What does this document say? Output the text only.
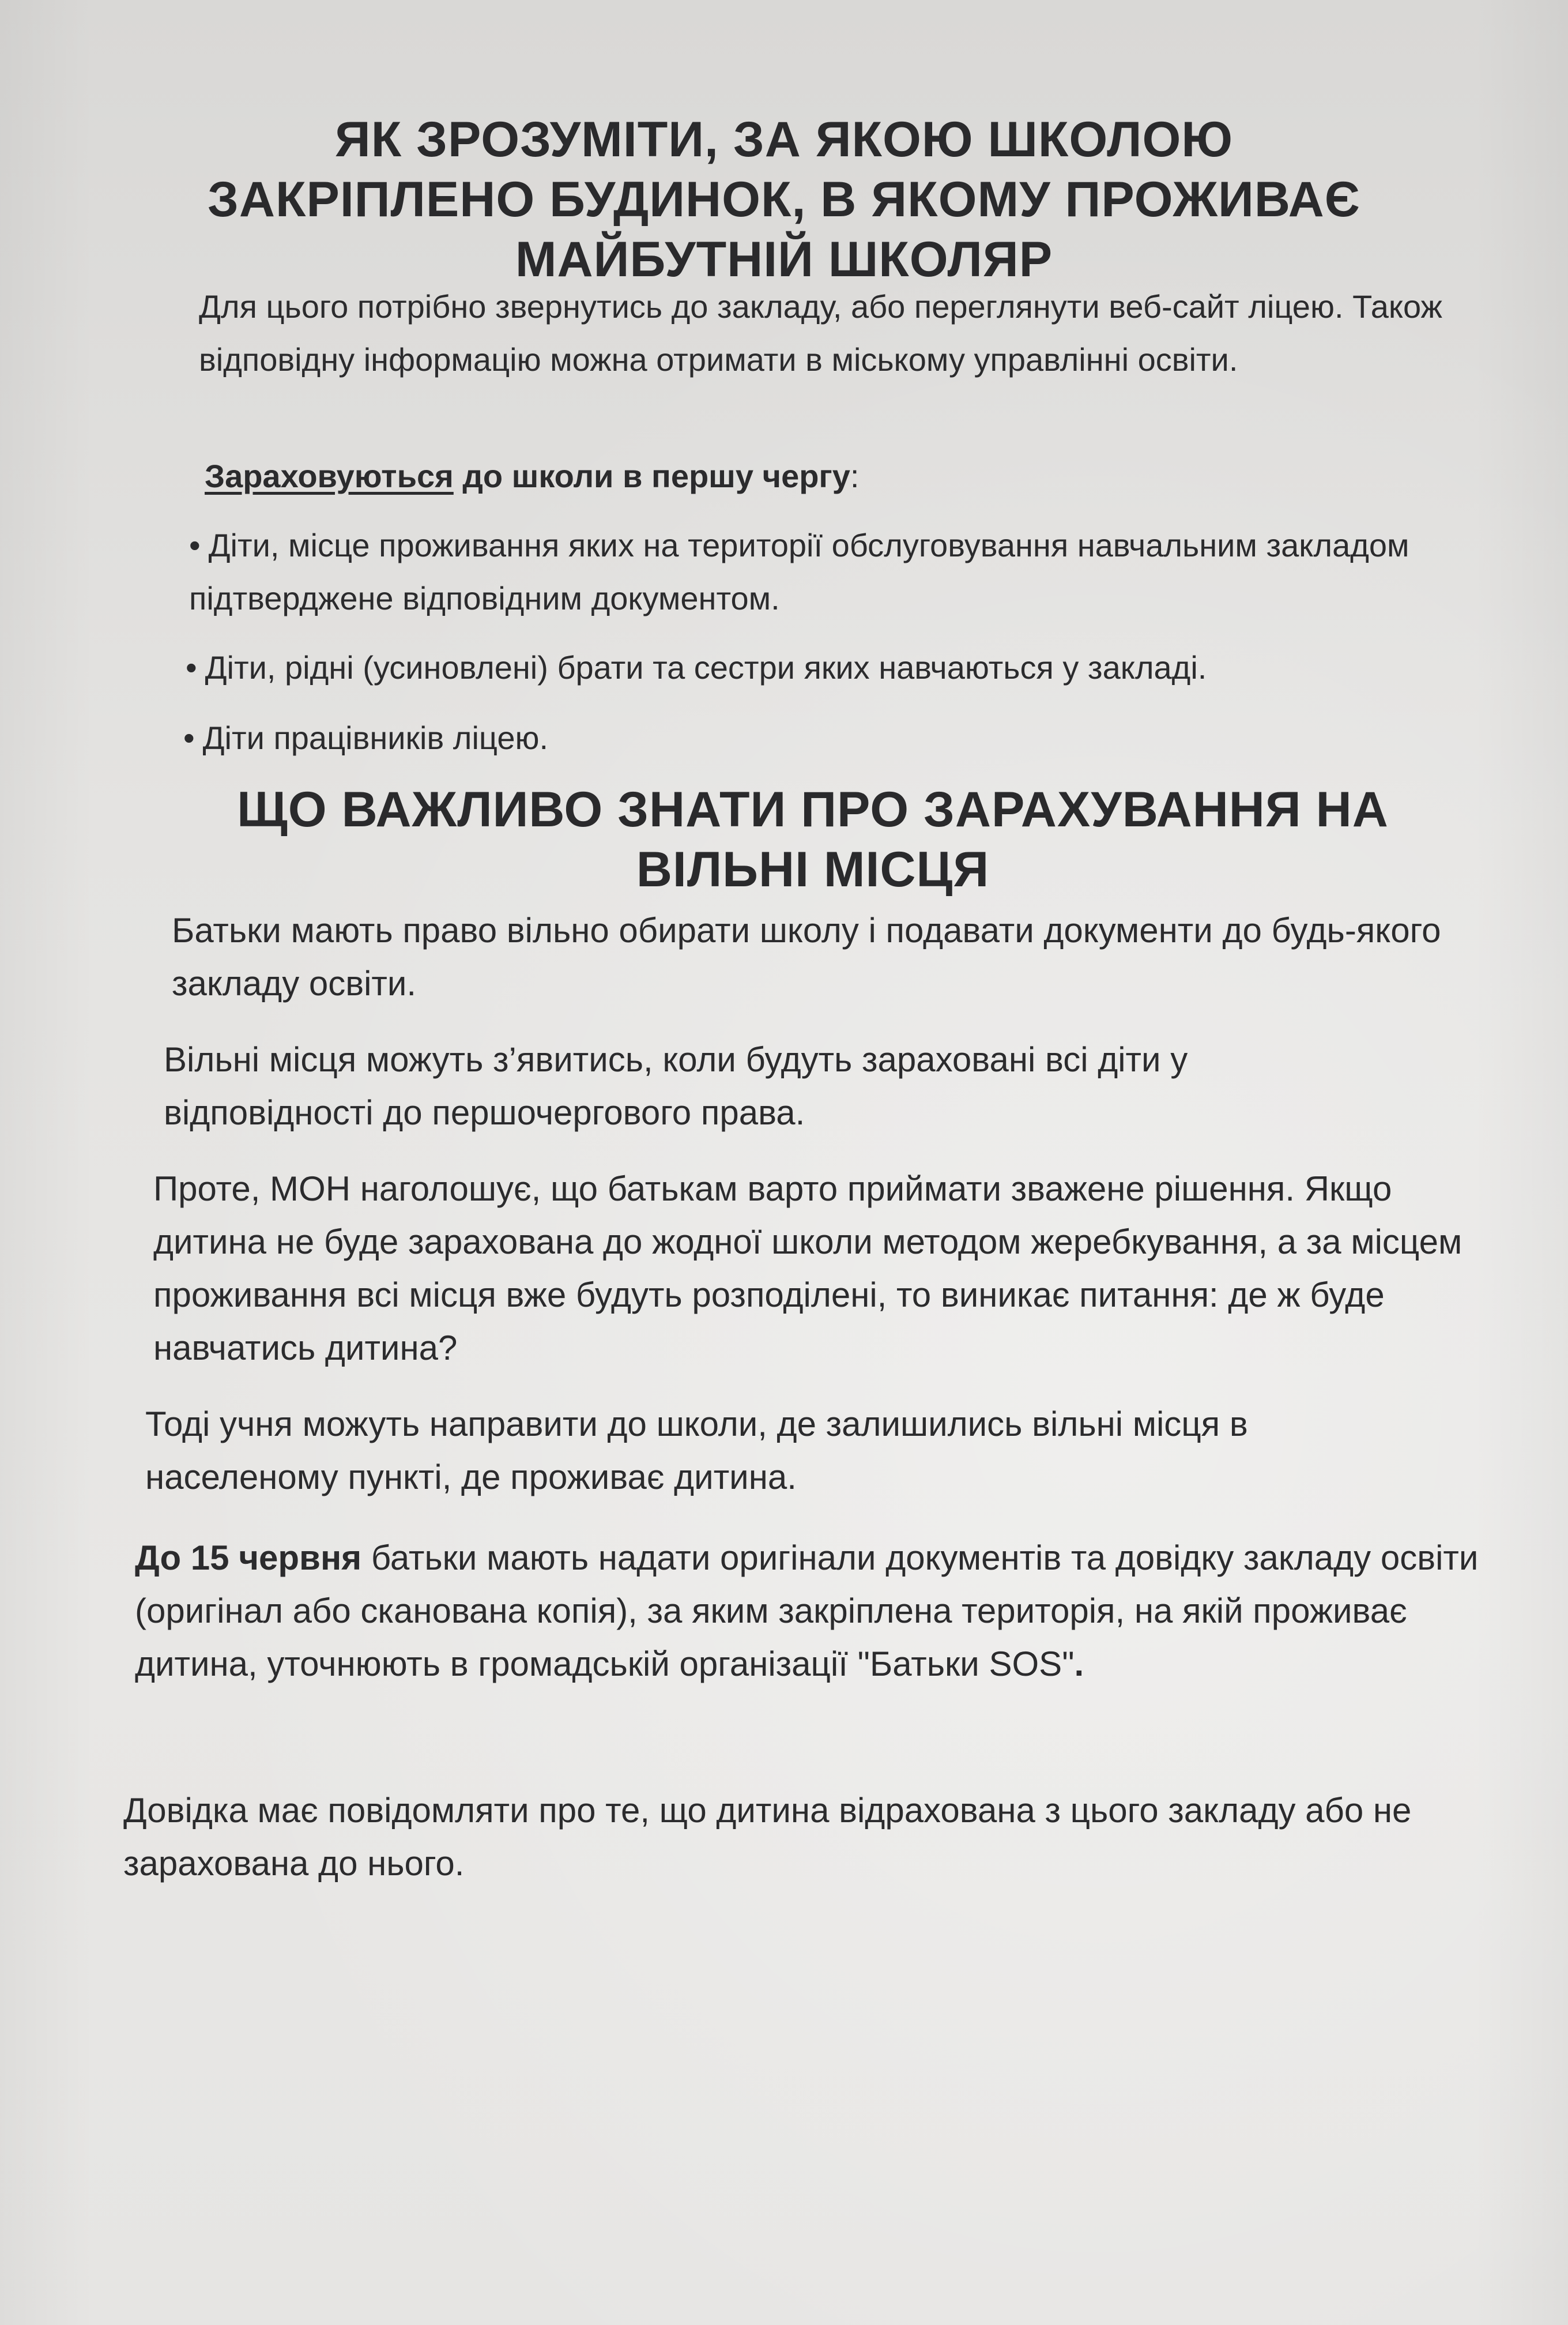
ЯК ЗРОЗУМІТИ, ЗА ЯКОЮ ШКОЛОЮ ЗАКРІПЛЕНО БУДИНОК, В ЯКОМУ ПРОЖИВАЄ МАЙБУТНІЙ ШКОЛЯР

Для цього потрібно звернутись до закладу, або переглянути веб-сайт ліцею. Також відповідну інформацію можна отримати в міському управлінні освіти.

Зараховуються до школи в першу чергу:

• Діти, місце проживання яких на території обслуговування навчальним закладом підтверджене відповідним документом.

• Діти, рідні (усиновлені) брати та сестри яких навчаються у закладі.

• Діти працівників ліцею.

ЩО ВАЖЛИВО ЗНАТИ ПРО ЗАРАХУВАННЯ НА ВІЛЬНІ МІСЦЯ

Батьки мають право вільно обирати школу і подавати документи до будь-якого закладу освіти.

Вільні місця можуть з’явитись, коли будуть зараховані всі діти у відповідності до першочергового права.

Проте, МОН наголошує, що батькам варто приймати зважене рішення. Якщо дитина не буде зарахована до жодної школи методом жеребкування, а за місцем проживання всі місця вже будуть розподілені, то виникає питання: де ж буде навчатись дитина?

Тоді учня можуть направити до школи, де залишились вільні місця в населеному пункті, де проживає дитина.

До 15 червня батьки мають надати оригінали документів та довідку закладу освіти (оригінал або сканована копія), за яким закріплена територія, на якій проживає дитина, уточнюють в громадській організації "Батьки SOS".

Довідка має повідомляти про те, що дитина відрахована з цього закладу або не зарахована до нього.
